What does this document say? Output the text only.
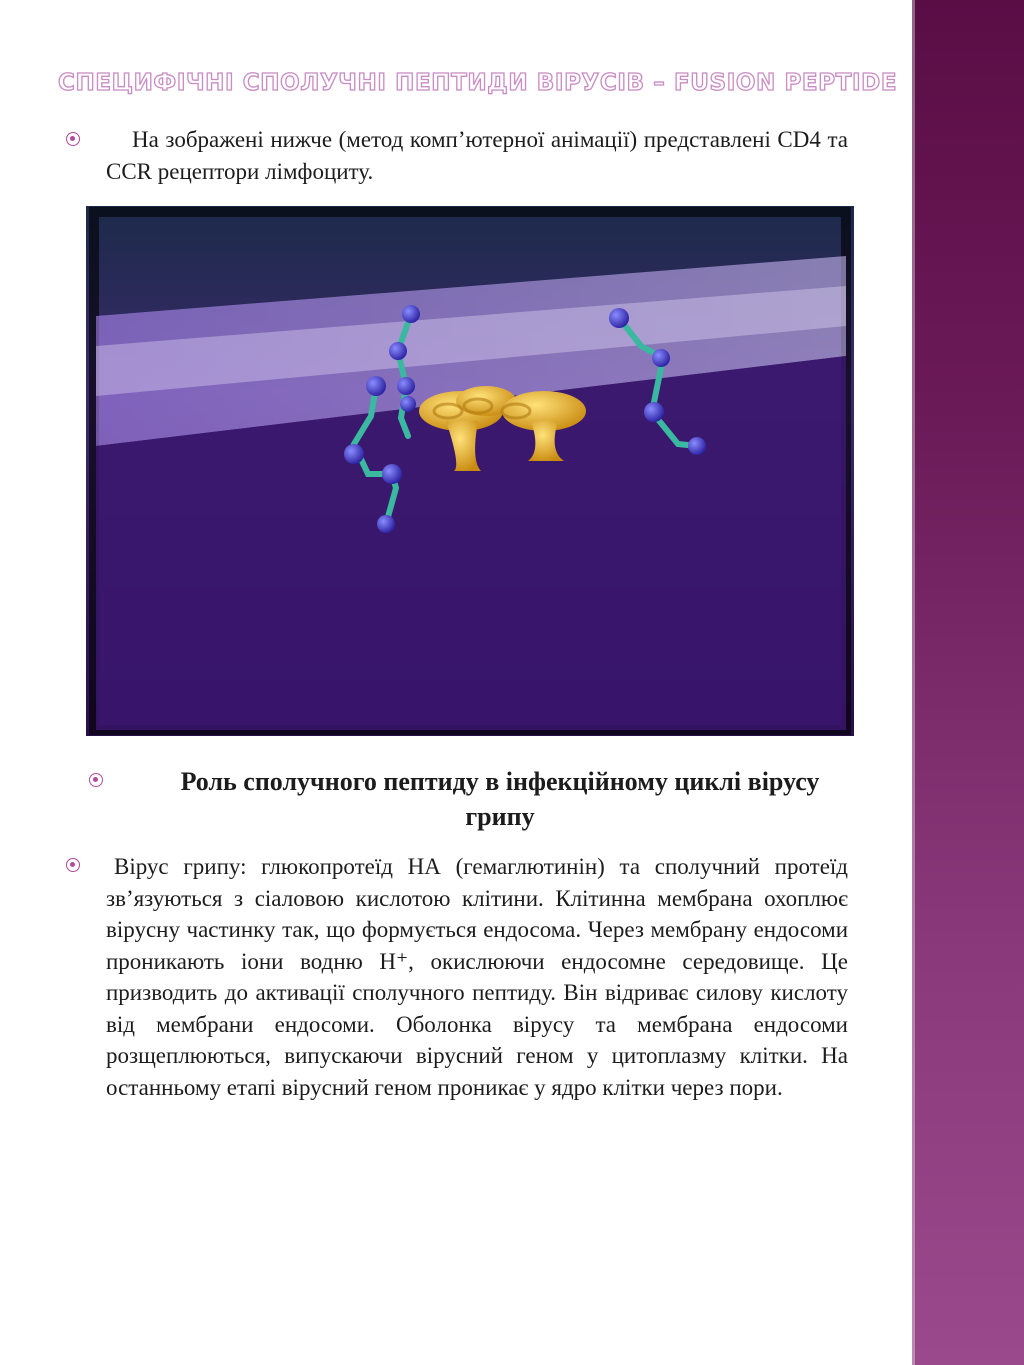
СПЕЦИФІЧНІ СПОЛУЧНІ ПЕПТИДИ ВІРУСІВ – FUSION PEPTIDE
На зображені нижче (метод комп’ютерної анімації) представлені CD4 та CCR рецептори лімфоциту.
Роль сполучного пептиду в інфекційному циклі вірусу грипу
Вірус грипу: глюкопротеїд НА (гемаглютинін) та сполучний протеїд зв’язуються з сіаловою кислотою клітини. Клітинна мембрана охоплює вірусну частинку так, що формується ендосома. Через мембрану ендосоми проникають іони водню Н⁺, окислюючи ендосомне середовище. Це призводить до активації сполучного пептиду. Він відриває силову кислоту від мембрани ендосоми. Оболонка вірусу та мембрана ендосоми розщеплюються, випускаючи вірусний геном у цитоплазму клітки. На останньому етапі вірусний геном проникає у ядро клітки через пори.
